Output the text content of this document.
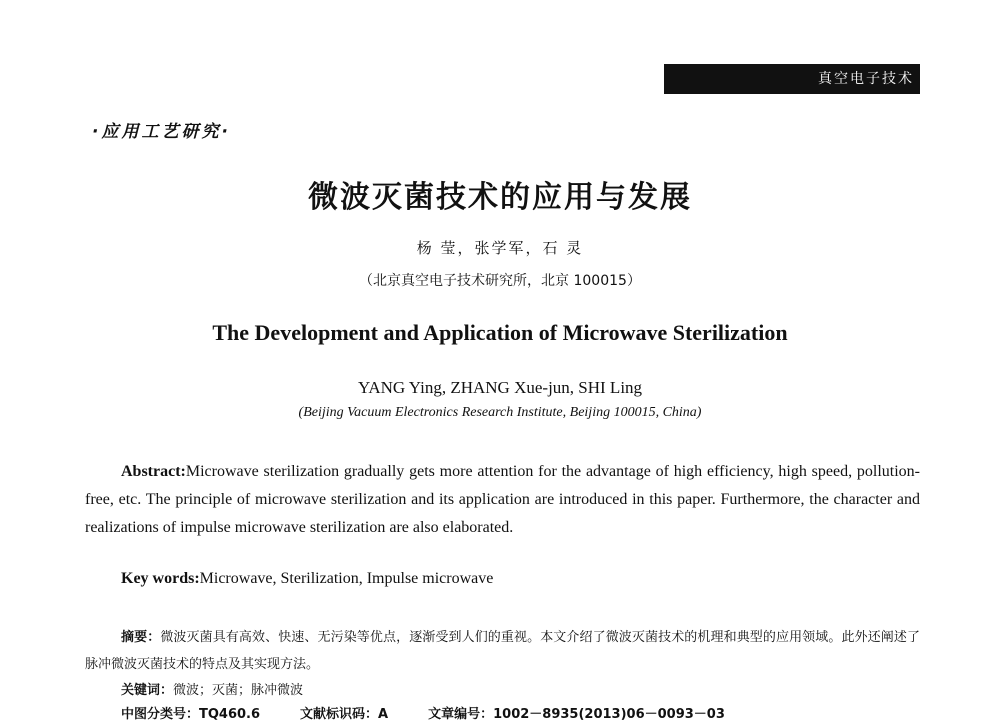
真空电子技术
·应用工艺研究·
微波灭菌技术的应用与发展
杨 莹，张学军，石 灵
（北京真空电子技术研究所，北京 100015）
The Development and Application of Microwave Sterilization
YANG Ying, ZHANG Xue-jun, SHI Ling
(Beijing Vacuum Electronics Research Institute, Beijing 100015, China)

Abstract:Microwave sterilization gradually gets more attention for the advantage of high efficiency, high speed, pollution-free, etc. The principle of microwave sterilization and its application are introduced in this paper. Furthermore, the character and realizations of impulse microwave sterilization are also elaborated.

Key words:Microwave, Sterilization, Impulse microwave

摘要：微波灭菌具有高效、快速、无污染等优点，逐渐受到人们的重视。本文介绍了微波灭菌技术的机理和典型的应用领域。此外还阐述了脉冲微波灭菌技术的特点及其实现方法。

关键词：微波；灭菌；脉冲微波
中图分类号：TQ460.6	文献标识码：A	文章编号：1002－8935(2013)06－0093－03
